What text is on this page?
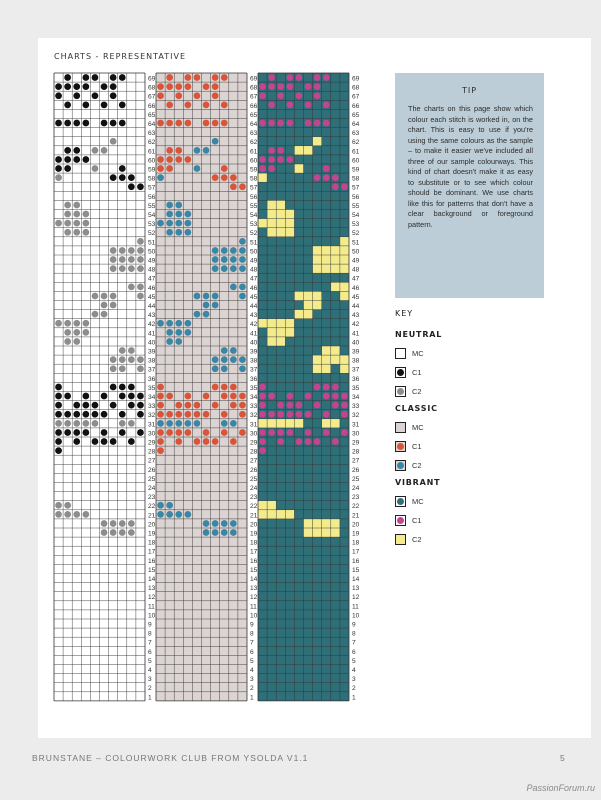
CHARTS - REPRESENTATIVE
69
68
67
66
65
64
63
62
61
60
59
58
57
56
55
54
53
52
51
50
49
48
47
46
45
44
43
42
41
40
39
38
37
36
35
34
33
32
31
30
29
28
27
26
25
24
23
22
21
20
19
18
17
16
15
14
13
12
11
10
9
8
7
6
5
4
3
2
1
69
68
67
66
65
64
63
62
61
60
59
58
57
56
55
54
53
52
51
50
49
48
47
46
45
44
43
42
41
40
39
38
37
36
35
34
33
32
31
30
29
28
27
26
25
24
23
22
21
20
19
18
17
16
15
14
13
12
11
10
9
8
7
6
5
4
3
2
1
69
68
67
66
65
64
63
62
61
60
59
58
57
56
55
54
53
52
51
50
49
48
47
46
45
44
43
42
41
40
39
38
37
36
35
34
33
32
31
30
29
28
27
26
25
24
23
22
21
20
19
18
17
16
15
14
13
12
11
10
9
8
7
6
5
4
3
2
1
TIP
The charts on this page show which colour each stitch is worked in, on the chart. This is easy to use if you're using the same colours as the sample – to make it easier we've included all three of our sample colourways. This kind of chart doesn't make it as easy to substitute or to see which colour should be dominant. We use charts like this for patterns that don't have a clear background or foreground pattern.
KEY
NEUTRAL
MC
C1
C2
CLASSIC
MC
C1
C2
VIBRANT
MC
C1
C2
BRUNSTANE – COLOURWORK CLUB FROM YSOLDA V1.1	5
PassionForum.ru
